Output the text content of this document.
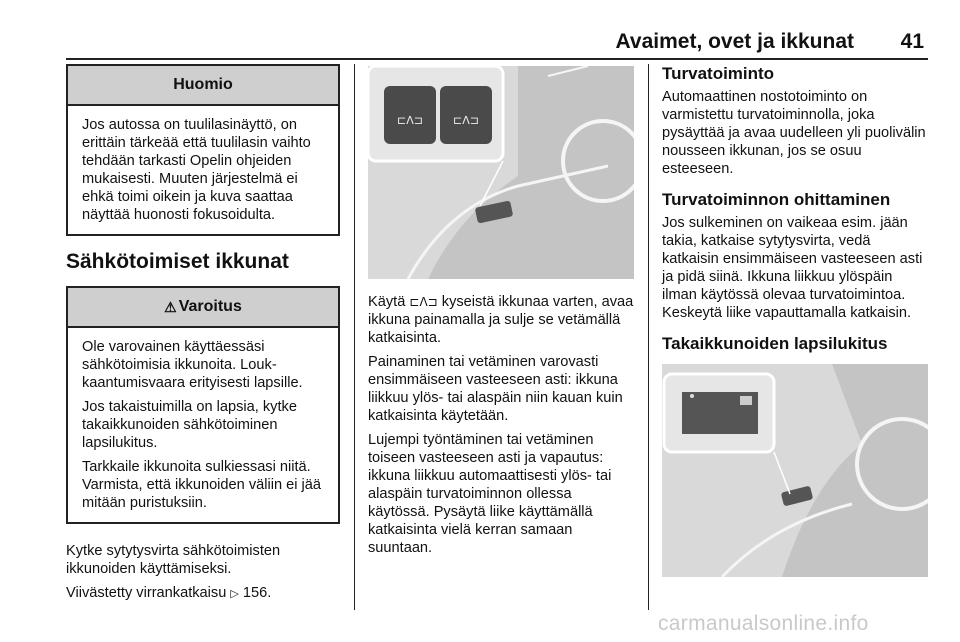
Avaimet, ovet ja ikkunat 41
Huomio
Jos autossa on tuulilasinäyttö, on erittäin tärkeää että tuulilasin vaihto tehdään tarkasti Opelin ohjeiden mukaisesti. Muuten järjestelmä ei ehkä toimi oikein ja kuva saattaa näyttää huonosti fokusoidulta.
Sähkötoimiset ikkunat
⚠ Varoitus

Ole varovainen käyttäessäsi sähkötoimisia ikkunoita. Loukkaantumisvaara erityisesti lapsille.

Jos takaistuimilla on lapsia, kytke takaikkunoiden sähkötoiminen lapsilukitus.

Tarkkaile ikkunoita sulkiessasi niitä. Varmista, että ikkunoiden väliin ei jää mitään puristuksiin.

Kytke sytytysvirta sähkötoimisten ikkunoiden käyttämiseksi.

Viivästetty virrankatkaisu ▷ 156.

⊏ᐱ⊐	⊏ᐱ⊐

Käytä ⊏ᐱ⊐ kyseistä ikkunaa varten, avaa ikkuna painamalla ja sulje se vetämällä katkaisinta.

Painaminen tai vetäminen varovasti ensimmäiseen vasteeseen asti: ikkuna liikkuu ylös- tai alaspäin niin kauan kuin katkaisinta käytetään.

Lujempi työntäminen tai vetäminen toiseen vasteeseen asti ja vapautus: ikkuna liikkuu automaattisesti ylös- tai alaspäin turvatoiminnon ollessa käytössä. Pysäytä liike käyttämällä katkaisinta vielä kerran samaan suuntaan.

Turvatoiminto
Automaattinen nostotoiminto on varmistettu turvatoiminnolla, joka pysäyttää ja avaa uudelleen yli puolivälin nousseen ikkunan, jos se osuu esteeseen.
Turvatoiminnon ohittaminen
Jos sulkeminen on vaikeaa esim. jään takia, katkaise sytytysvirta, vedä katkaisin ensimmäiseen vasteeseen asti ja pidä siinä. Ikkuna liikkuu ylöspäin ilman käytössä olevaa turvatoimintoa. Keskeytä liike vapauttamalla katkaisin.
Takaikkunoiden lapsilukitus
carmanualsonline.info
